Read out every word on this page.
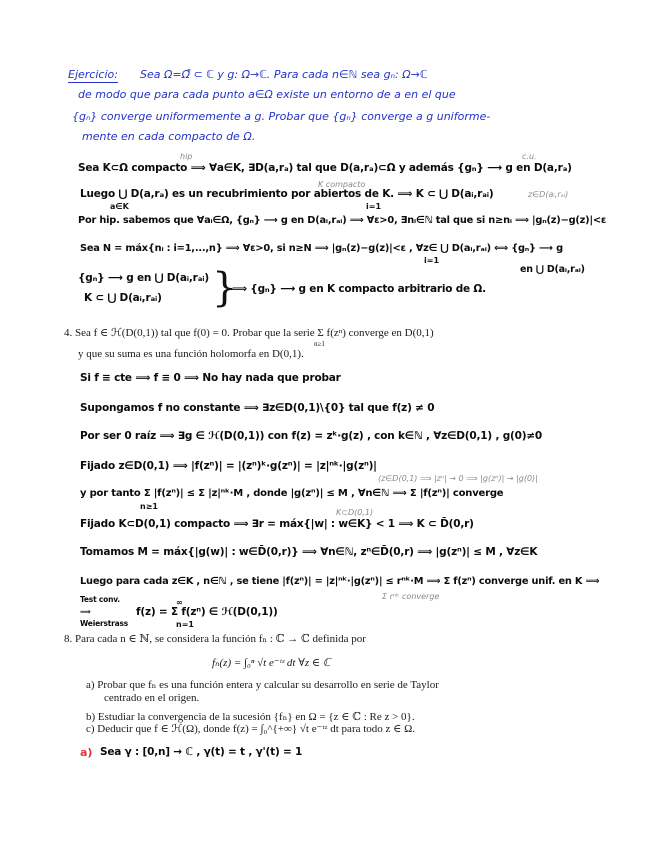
Ejercicio: Sea Ω=Ω̊ ⊂ ℂ y g: Ω→ℂ. Para cada n∈ℕ sea gₙ: Ω→ℂ
de modo que para cada punto a∈Ω existe un entorno de a en el que
{gₙ} converge uniformemente a g. Probar que {gₙ} converge a g uniforme-
mente en cada compacto de Ω.
hip	c.u.
Sea K⊂Ω compacto ⟹ ∀a∈K, ∃D(a,rₐ) tal que D(a,rₐ)⊂Ω y además {gₙ} ⟶ g en D(a,rₐ)
K compacto
z∈D(aᵢ,rₐᵢ)
Luego ⋃ D(a,rₐ) es un recubrimiento por abiertos de K. ⟹ K ⊂ ⋃ D(aᵢ,rₐᵢ)
a∈K	i=1
Por hip. sabemos que ∀aᵢ∈Ω, {gₙ} ⟶ g en D(aᵢ,rₐᵢ) ⟹ ∀ε>0, ∃nᵢ∈ℕ tal que si n≥nᵢ ⟹ |gₙ(z)−g(z)|<ε
Sea N = máx{nᵢ : i=1,...,n} ⟹ ∀ε>0, si n≥N ⟹ |gₙ(z)−g(z)|<ε , ∀z∈ ⋃ D(aᵢ,rₐᵢ) ⟺ {gₙ} ⟶ g
i=1
en ⋃ D(aᵢ,rₐᵢ)
{gₙ} ⟶ g en ⋃ D(aᵢ,rₐᵢ)
K ⊂ ⋃ D(aᵢ,rₐᵢ) }
⟹ {gₙ} ⟶ g en K compacto arbitrario de Ω.
4. Sea f ∈ ℋ(D(0,1)) tal que f(0) = 0. Probar que la serie Σ f(zⁿ) converge en D(0,1)
n≥1
y que su suma es una función holomorfa en D(0,1).
Si f ≡ cte ⟹ f ≡ 0 ⟹ No hay nada que probar
Supongamos f no constante ⟹ ∃z∈D(0,1)\{0} tal que f(z) ≠ 0
Por ser 0 raíz ⟹ ∃g ∈ ℋ(D(0,1)) con f(z) = zᵏ·g(z) , con k∈ℕ , ∀z∈D(0,1) , g(0)≠0
Fijado z∈D(0,1) ⟹ |f(zⁿ)| = |(zⁿ)ᵏ·g(zⁿ)| = |z|ⁿᵏ·|g(zⁿ)|
(z∈D(0,1) ⟹ |zⁿ| → 0 ⟹ |g(zⁿ)| → |g(0)|
y por tanto Σ |f(zⁿ)| ≤ Σ |z|ⁿᵏ·M , donde |g(zⁿ)| ≤ M , ∀n∈ℕ ⟹ Σ |f(zⁿ)| converge
n≥1
K⊂D(0,1)
Fijado K⊂D(0,1) compacto ⟹ ∃r = máx{|w| : w∈K} < 1 ⟹ K ⊂ D̄(0,r)
Tomamos M = máx{|g(w)| : w∈D̄(0,r)} ⟹ ∀n∈ℕ, zⁿ∈D̄(0,r) ⟹ |g(zⁿ)| ≤ M , ∀z∈K
Luego para cada z∈K , n∈ℕ , se tiene |f(zⁿ)| = |z|ⁿᵏ·|g(zⁿ)| ≤ rⁿᵏ·M ⟹ Σ f(zⁿ) converge unif. en K ⟹
Σ rⁿᵏ converge
Test conv. ⟹ Weierstrass
∞
f(z) = Σ f(zⁿ) ∈ ℋ(D(0,1))
n=1
8. Para cada n ∈ ℕ, se considera la función fₙ : ℂ → ℂ definida por
fₙ(z) = ∫₀ⁿ √t e⁻ᵗᶻ dt ∀z ∈ ℂ
a) Probar que fₙ es una función entera y calcular su desarrollo en serie de Taylor
centrado en el origen.
b) Estudiar la convergencia de la sucesión {fₙ} en Ω = {z ∈ ℂ : Re z > 0}.
c) Deducir que f ∈ ℋ(Ω), donde f(z) = ∫₀^{+∞} √t e⁻ᵗᶻ dt para todo z ∈ Ω.
a) Sea γ : [0,n] → ℂ , γ(t) = t , γ'(t) = 1
